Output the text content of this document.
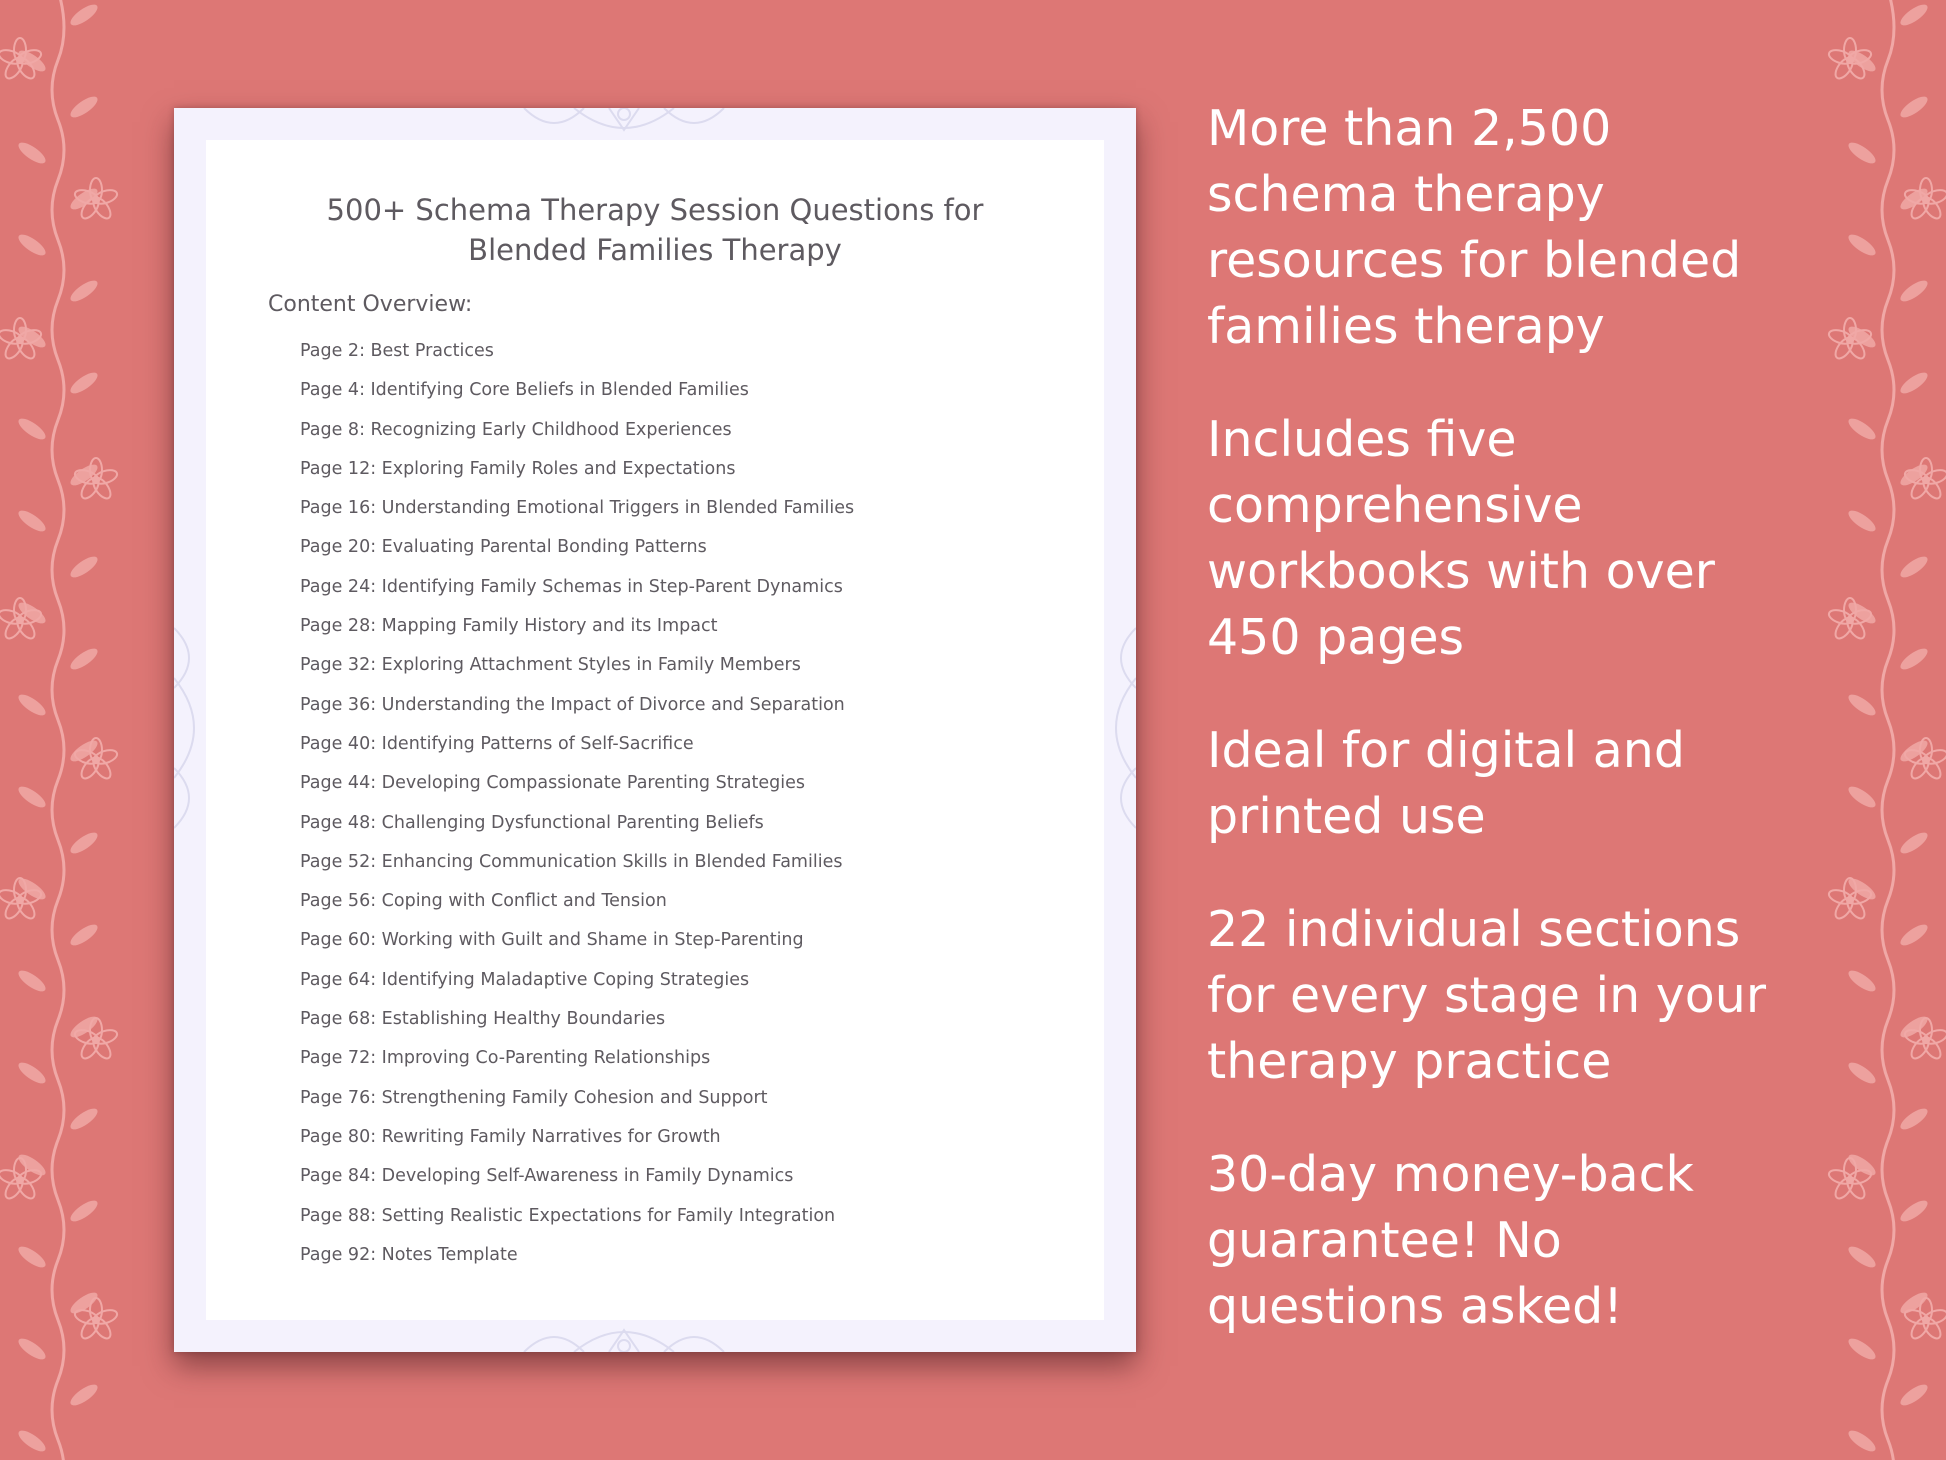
500+ Schema Therapy Session Questions for
Blended Families Therapy
Content Overview:
Page 2: Best Practices
Page 4: Identifying Core Beliefs in Blended Families
Page 8: Recognizing Early Childhood Experiences
Page 12: Exploring Family Roles and Expectations
Page 16: Understanding Emotional Triggers in Blended Families
Page 20: Evaluating Parental Bonding Patterns
Page 24: Identifying Family Schemas in Step-Parent Dynamics
Page 28: Mapping Family History and its Impact
Page 32: Exploring Attachment Styles in Family Members
Page 36: Understanding the Impact of Divorce and Separation
Page 40: Identifying Patterns of Self-Sacrifice
Page 44: Developing Compassionate Parenting Strategies
Page 48: Challenging Dysfunctional Parenting Beliefs
Page 52: Enhancing Communication Skills in Blended Families
Page 56: Coping with Conflict and Tension
Page 60: Working with Guilt and Shame in Step-Parenting
Page 64: Identifying Maladaptive Coping Strategies
Page 68: Establishing Healthy Boundaries
Page 72: Improving Co-Parenting Relationships
Page 76: Strengthening Family Cohesion and Support
Page 80: Rewriting Family Narratives for Growth
Page 84: Developing Self-Awareness in Family Dynamics
Page 88: Setting Realistic Expectations for Family Integration
Page 92: Notes Template
More than 2,500
schema therapy
resources for blended
families therapy
Includes five
comprehensive
workbooks with over
450 pages
Ideal for digital and
printed use
22 individual sections
for every stage in your
therapy practice
30-day money-back
guarantee! No
questions asked!
